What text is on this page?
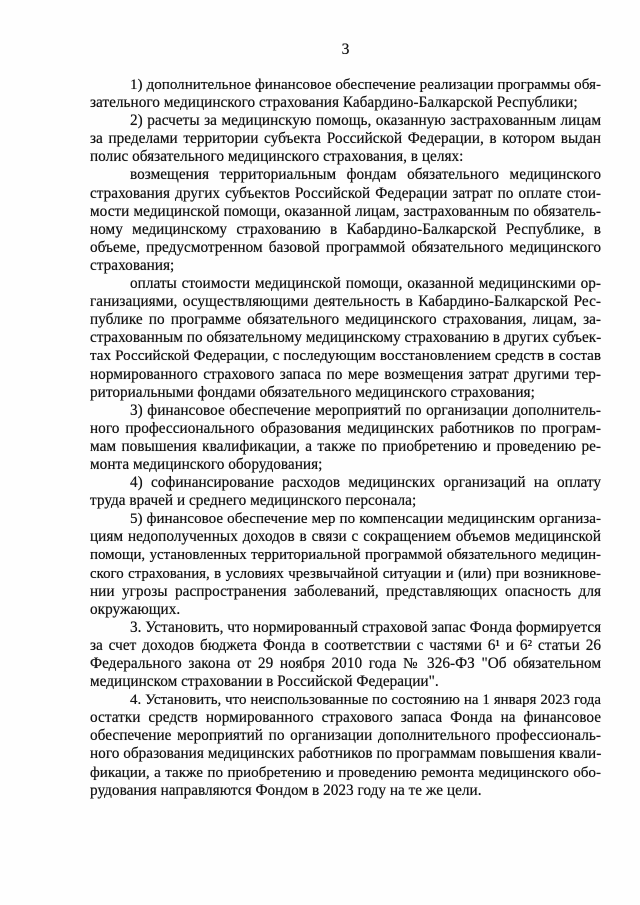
3
1) дополнительное финансовое обеспечение реализации программы обя-
зательного медицинского страхования Кабардино-Балкарской Республики;
2) расчеты за медицинскую помощь, оказанную застрахованным лицам
за пределами территории субъекта Российской Федерации, в котором выдан
полис обязательного медицинского страхования, в целях:
возмещения территориальным фондам обязательного медицинского
страхования других субъектов Российской Федерации затрат по оплате стои-
мости медицинской помощи, оказанной лицам, застрахованным по обязатель-
ному медицинскому страхованию в Кабардино-Балкарской Республике, в
объеме, предусмотренном базовой программой обязательного медицинского
страхования;
оплаты стоимости медицинской помощи, оказанной медицинскими ор-
ганизациями, осуществляющими деятельность в Кабардино-Балкарской Рес-
публике по программе обязательного медицинского страхования, лицам, за-
страхованным по обязательному медицинскому страхованию в других субъек-
тах Российской Федерации, с последующим восстановлением средств в состав
нормированного страхового запаса по мере возмещения затрат другими тер-
риториальными фондами обязательного медицинского страхования;
3) финансовое обеспечение мероприятий по организации дополнитель-
ного профессионального образования медицинских работников по програм-
мам повышения квалификации, а также по приобретению и проведению ре-
монта медицинского оборудования;
4) софинансирование расходов медицинских организаций на оплату
труда врачей и среднего медицинского персонала;
5) финансовое обеспечение мер по компенсации медицинским организа-
циям недополученных доходов в связи с сокращением объемов медицинской
помощи, установленных территориальной программой обязательного медицин-
ского страхования, в условиях чрезвычайной ситуации и (или) при возникнове-
нии угрозы распространения заболеваний, представляющих опасность для
окружающих.
3. Установить, что нормированный страховой запас Фонда формируется
за счет доходов бюджета Фонда в соответствии с частями 6¹ и 6² статьи 26
Федерального закона от 29 ноября 2010 года № 326-ФЗ "Об обязательном
медицинском страховании в Российской Федерации".
4. Установить, что неиспользованные по состоянию на 1 января 2023 года
остатки средств нормированного страхового запаса Фонда на финансовое
обеспечение мероприятий по организации дополнительного профессиональ-
ного образования медицинских работников по программам повышения квали-
фикации, а также по приобретению и проведению ремонта медицинского обо-
рудования направляются Фондом в 2023 году на те же цели.
